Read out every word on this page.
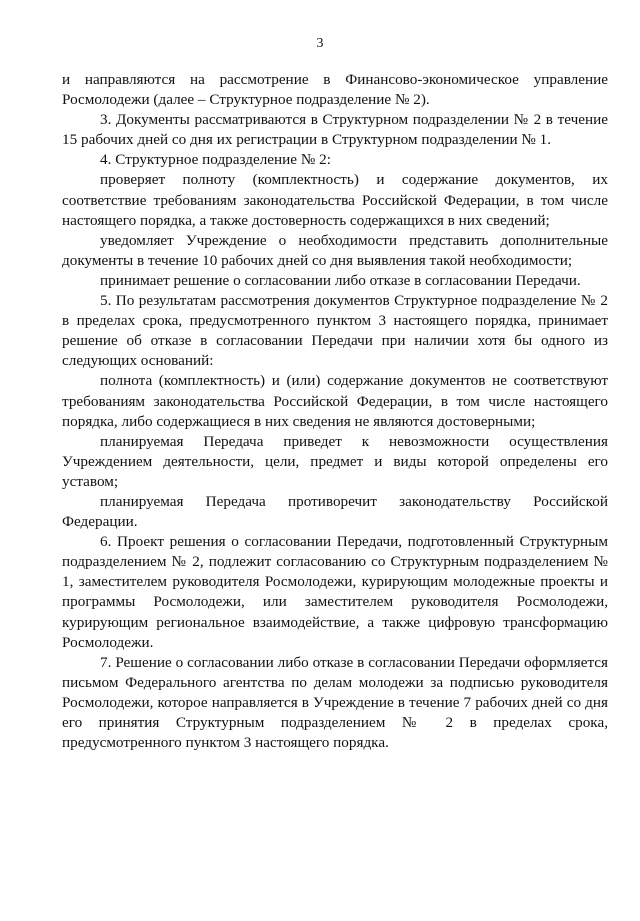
3

и направляются на рассмотрение в Финансово-экономическое управление Росмолодежи (далее – Структурное подразделение № 2).

3. Документы рассматриваются в Структурном подразделении № 2 в течение 15 рабочих дней со дня их регистрации в Структурном подразделении № 1.

4. Структурное подразделение № 2:

проверяет полноту (комплектность) и содержание документов, их соответствие требованиям законодательства Российской Федерации, в том числе настоящего порядка, а также достоверность содержащихся в них сведений;

уведомляет Учреждение о необходимости представить дополнительные документы в течение 10 рабочих дней со дня выявления такой необходимости;

принимает решение о согласовании либо отказе в согласовании Передачи.

5. По результатам рассмотрения документов Структурное подразделение № 2 в пределах срока, предусмотренного пунктом 3 настоящего порядка, принимает решение об отказе в согласовании Передачи при наличии хотя бы одного из следующих оснований:

полнота (комплектность) и (или) содержание документов не соответствуют требованиям законодательства Российской Федерации, в том числе настоящего порядка, либо содержащиеся в них сведения не являются достоверными;

планируемая Передача приведет к невозможности осуществления Учреждением деятельности, цели, предмет и виды которой определены его уставом;

планируемая Передача противоречит законодательству Российской Федерации.

6. Проект решения о согласовании Передачи, подготовленный Структурным подразделением № 2, подлежит согласованию со Структурным подразделением № 1, заместителем руководителя Росмолодежи, курирующим молодежные проекты и программы Росмолодежи, или заместителем руководителя Росмолодежи, курирующим региональное взаимодействие, а также цифровую трансформацию Росмолодежи.

7. Решение о согласовании либо отказе в согласовании Передачи оформляется письмом Федерального агентства по делам молодежи за подписью руководителя Росмолодежи, которое направляется в Учреждение в течение 7 рабочих дней со дня его принятия Структурным подразделением № 2 в пределах срока, предусмотренного пунктом 3 настоящего порядка.
